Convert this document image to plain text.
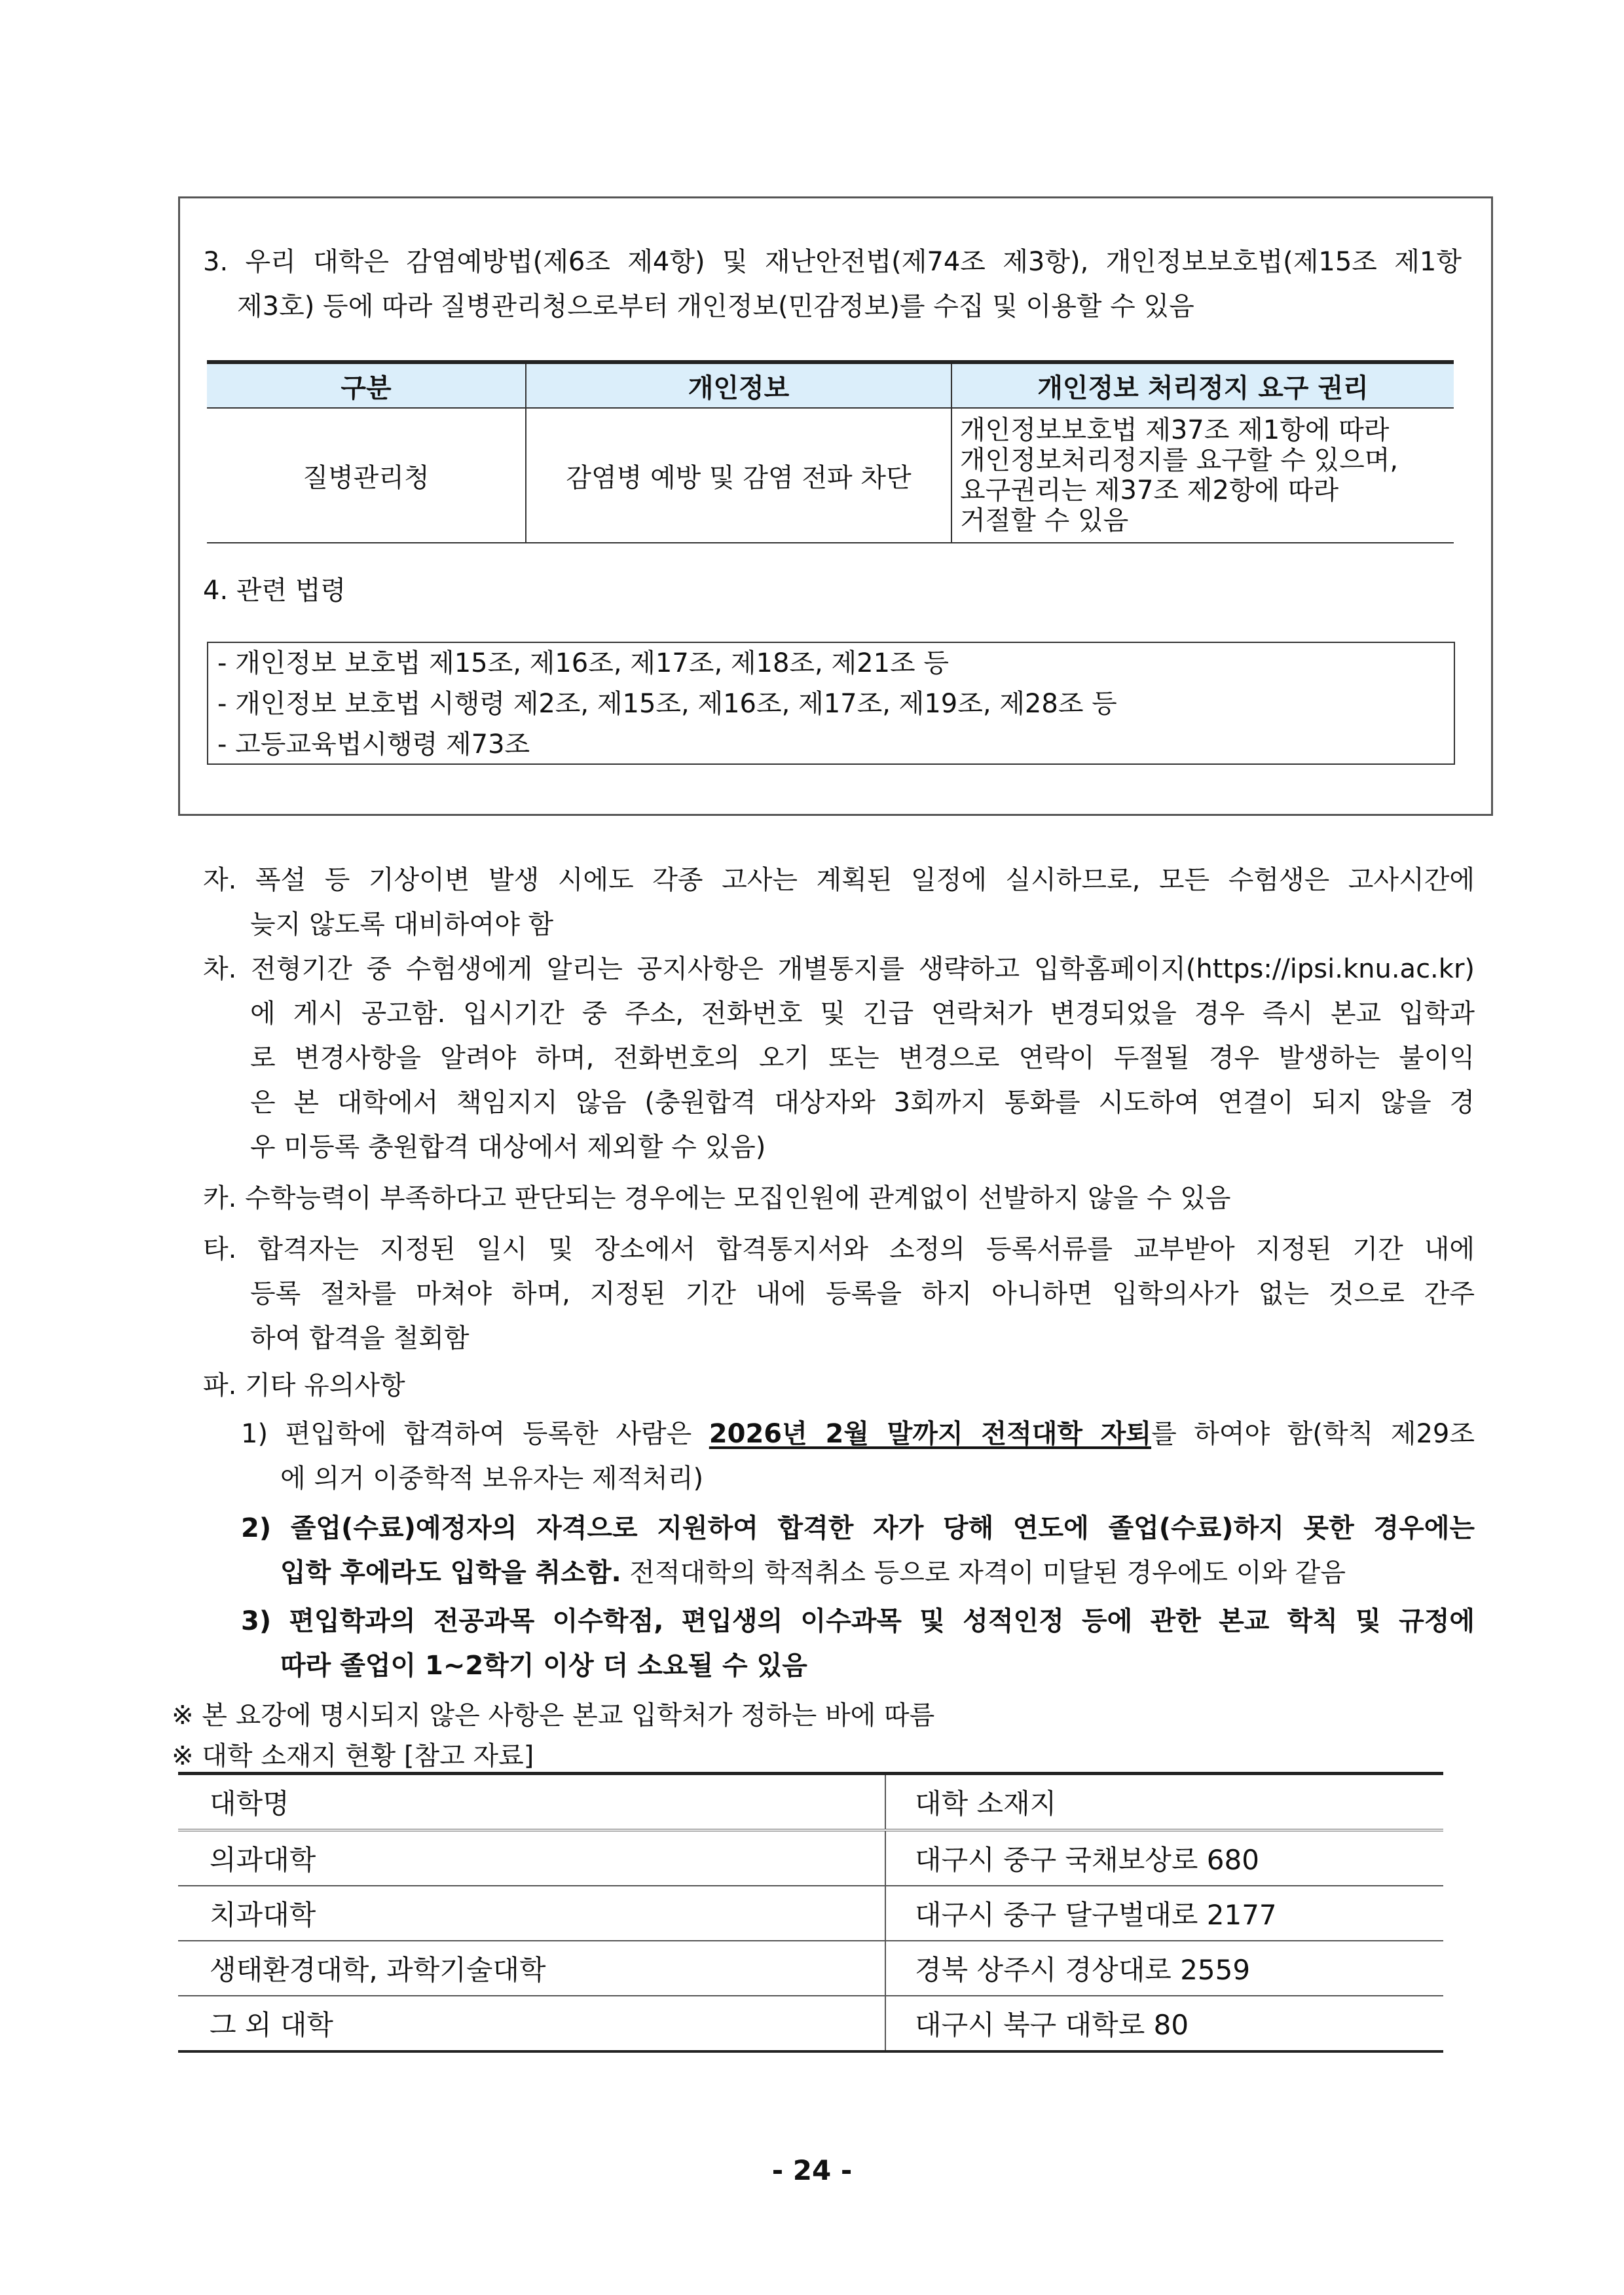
3. 우리 대학은 감염예방법(제6조 제4항) 및 재난안전법(제74조 제3항), 개인정보보호법(제15조 제1항
제3호) 등에 따라 질병관리청으로부터 개인정보(민감정보)를 수집 및 이용할 수 있음
구분	개인정보	개인정보 처리정지 요구 권리
질병관리청	감염병 예방 및 감염 전파 차단	개인정보보호법 제37조 제1항에 따라
개인정보처리정지를 요구할 수 있으며,
요구권리는 제37조 제2항에 따라
거절할 수 있음
4. 관련 법령
- 개인정보 보호법 제15조, 제16조, 제17조, 제18조, 제21조 등
- 개인정보 보호법 시행령 제2조, 제15조, 제16조, 제17조, 제19조, 제28조 등
- 고등교육법시행령 제73조
자. 폭설 등 기상이변 발생 시에도 각종 고사는 계획된 일정에 실시하므로, 모든 수험생은 고사시간에
늦지 않도록 대비하여야 함
차. 전형기간 중 수험생에게 알리는 공지사항은 개별통지를 생략하고 입학홈페이지(https://ipsi.knu.ac.kr)
에 게시 공고함. 입시기간 중 주소, 전화번호 및 긴급 연락처가 변경되었을 경우 즉시 본교 입학과
로 변경사항을 알려야 하며, 전화번호의 오기 또는 변경으로 연락이 두절될 경우 발생하는 불이익
은 본 대학에서 책임지지 않음 (충원합격 대상자와 3회까지 통화를 시도하여 연결이 되지 않을 경
우 미등록 충원합격 대상에서 제외할 수 있음)
카. 수학능력이 부족하다고 판단되는 경우에는 모집인원에 관계없이 선발하지 않을 수 있음
타. 합격자는 지정된 일시 및 장소에서 합격통지서와 소정의 등록서류를 교부받아 지정된 기간 내에
등록 절차를 마쳐야 하며, 지정된 기간 내에 등록을 하지 아니하면 입학의사가 없는 것으로 간주
하여 합격을 철회함
파. 기타 유의사항
1) 편입학에 합격하여 등록한 사람은 2026년 2월 말까지 전적대학 자퇴를 하여야 함(학칙 제29조
에 의거 이중학적 보유자는 제적처리)
2) 졸업(수료)예정자의 자격으로 지원하여 합격한 자가 당해 연도에 졸업(수료)하지 못한 경우에는
입학 후에라도 입학을 취소함. 전적대학의 학적취소 등으로 자격이 미달된 경우에도 이와 같음
3) 편입학과의 전공과목 이수학점, 편입생의 이수과목 및 성적인정 등에 관한 본교 학칙 및 규정에
따라 졸업이 1~2학기 이상 더 소요될 수 있음
※ 본 요강에 명시되지 않은 사항은 본교 입학처가 정하는 바에 따름
※ 대학 소재지 현황 [참고 자료]
대학명	대학 소재지
의과대학	대구시 중구 국채보상로 680
치과대학	대구시 중구 달구벌대로 2177
생태환경대학, 과학기술대학	경북 상주시 경상대로 2559
그 외 대학	대구시 북구 대학로 80
- 24 -
